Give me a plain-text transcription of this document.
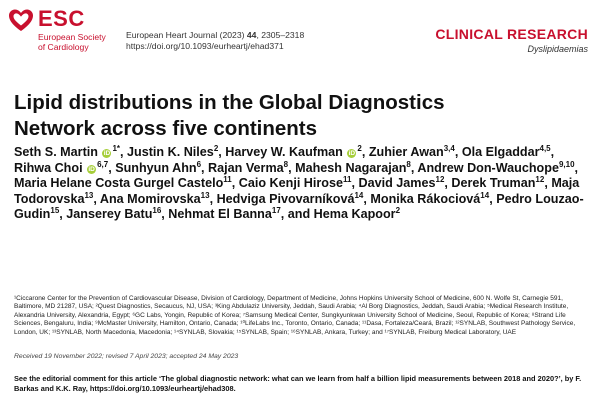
ESC
European Society
of Cardiology
European Heart Journal (2023) 44, 2305–2318
https://doi.org/10.1093/eurheartj/ehad371
CLINICAL RESEARCH
Dyslipidaemias
Lipid distributions in the Global Diagnostics
Network across five continents
Seth S. Martin $iD^{1*}$, Justin K. Niles$^2$, Harvey W. Kaufman $iD^2$, Zuhier Awan$^{3,4}$, Ola Elgaddar$^{4,5}$, Rihwa Choi iD$^{6,7}$, Sunhyun Ahn$^6$, Rajan Verma$^8$, Mahesh Nagarajan$^8$, Andrew Don-Wauchope$^{9,10}$, Maria Helane Costa Gurgel Castelo$^{11}$, Caio Kenji Hirose$^{11}$, David James$^{12}$, Derek Truman$^{12}$, Maja Todorovska$^{13}$, Ana Momirovska$^{13}$, Hedviga Pivovarníková$^{14}$, Monika Rákociová$^{14}$, Pedro Louzao-Gudin$^{15}$, Janserey Batu$^{16}$, Nehmat El Banna$^{17}$, and Hema Kapoor$^2$
¹Ciccarone Center for the Prevention of Cardiovascular Disease, Division of Cardiology, Department of Medicine, Johns Hopkins University School of Medicine, 600 N. Wolfe St, Carnegie 591, Baltimore, MD 21287, USA; ²Quest Diagnostics, Secaucus, NJ, USA; ³King Abdulaziz University, Jeddah, Saudi Arabia; ⁴Al Borg Diagnostics, Jeddah, Saudi Arabia; ⁵Medical Research Institute, Alexandria University, Alexandria, Egypt; ⁶GC Labs, Yongin, Republic of Korea; ⁷Samsung Medical Center, Sungkyunkwan University School of Medicine, Seoul, Republic of Korea; ⁸Strand Life Sciences, Bengaluru, India; ⁹McMaster University, Hamilton, Ontario, Canada; ¹⁰LifeLabs Inc., Toronto, Ontario, Canada; ¹¹Dasa, Fortaleza/Ceará, Brazil; ¹²SYNLAB, Southwest Pathology Service, London, UK; ¹³SYNLAB, North Macedonia, Macedonia; ¹⁴SYNLAB, Slovakia; ¹⁵SYNLAB, Spain; ¹⁶SYNLAB, Ankara, Turkey; and ¹⁷SYNLAB, Freiburg Medical Laboratory, UAE
Received 19 November 2022; revised 7 April 2023; accepted 24 May 2023
See the editorial comment for this article ‘The global diagnostic network: what can we learn from half a billion lipid measurements between 2018 and 2020?’, by F. Barkas and K.K. Ray, https://doi.org/10.1093/eurheartj/ehad308.
